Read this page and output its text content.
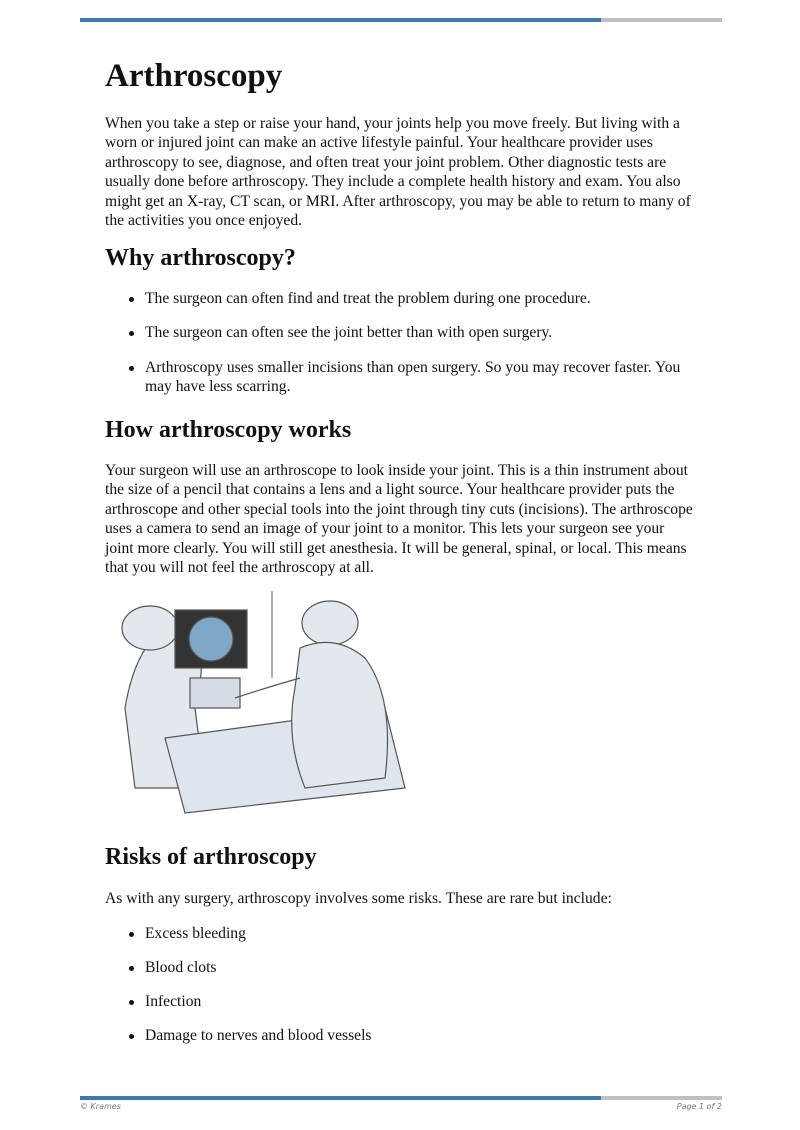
Arthroscopy

When you take a step or raise your hand, your joints help you move freely. But living with a worn or injured joint can make an active lifestyle painful. Your healthcare provider uses arthroscopy to see, diagnose, and often treat your joint problem. Other diagnostic tests are usually done before arthroscopy. They include a complete health history and exam. You also might get an X-ray, CT scan, or MRI. After arthroscopy, you may be able to return to many of the activities you once enjoyed.

Why arthroscopy?
The surgeon can often find and treat the problem during one procedure.
The surgeon can often see the joint better than with open surgery.
Arthroscopy uses smaller incisions than open surgery. So you may recover faster. You may have less scarring.
How arthroscopy works

Your surgeon will use an arthroscope to look inside your joint. This is a thin instrument about the size of a pencil that contains a lens and a light source. Your healthcare provider puts the arthroscope and other special tools into the joint through tiny cuts (incisions). The arthroscope uses a camera to send an image of your joint to a monitor. This lets your surgeon see your joint more clearly. You will still get anesthesia. It will be general, spinal, or local. This means that you will not feel the arthroscopy at all.

Risks of arthroscopy

As with any surgery, arthroscopy involves some risks. These are rare but include:

Excess bleeding
Blood clots
Infection
Damage to nerves and blood vessels
© Krames	Page 1 of 2
